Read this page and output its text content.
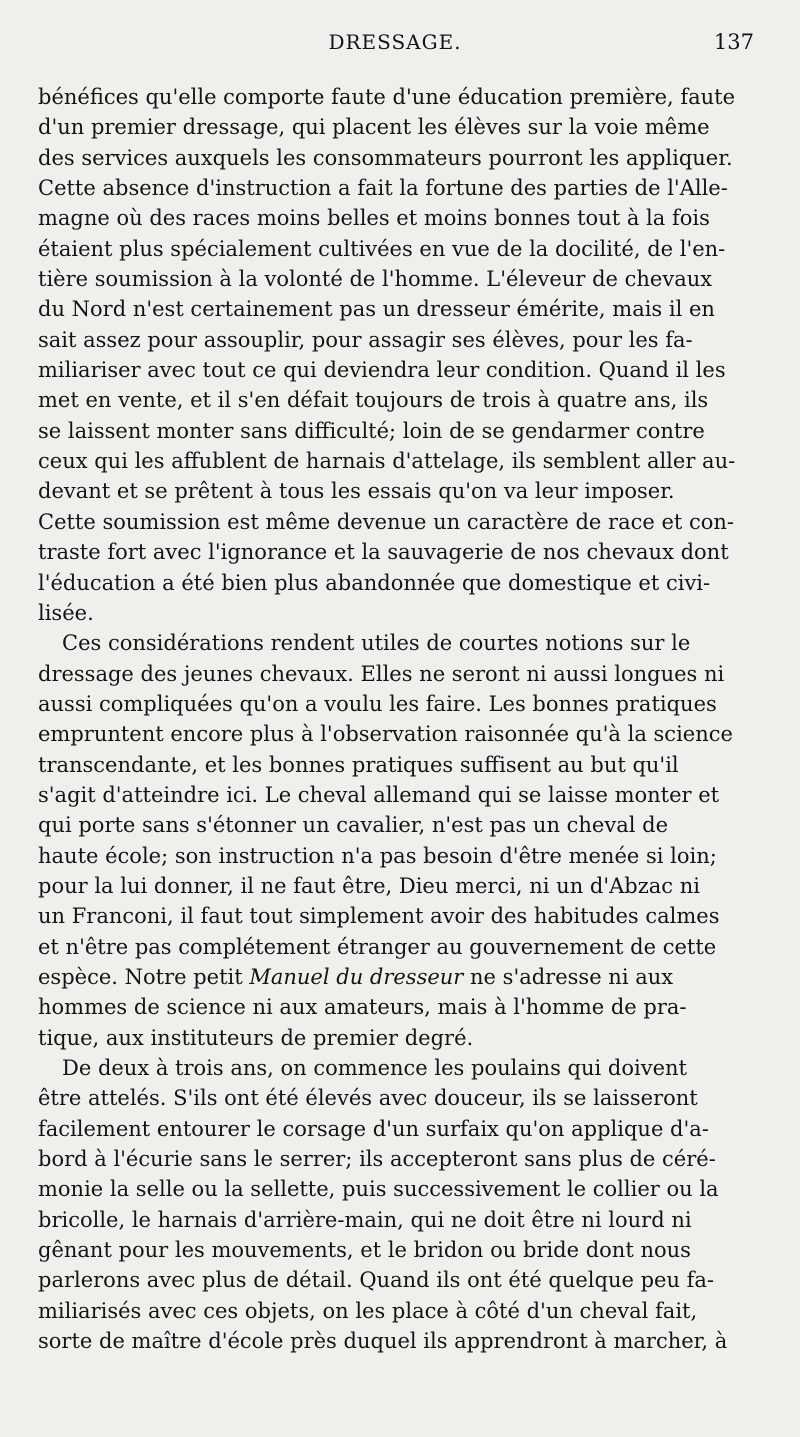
DRESSAGE.	137
bénéfices qu'elle comporte faute d'une éducation première, faute
d'un premier dressage, qui placent les élèves sur la voie même
des services auxquels les consommateurs pourront les appliquer.
Cette absence d'instruction a fait la fortune des parties de l'Alle-
magne où des races moins belles et moins bonnes tout à la fois
étaient plus spécialement cultivées en vue de la docilité, de l'en-
tière soumission à la volonté de l'homme. L'éleveur de chevaux
du Nord n'est certainement pas un dresseur émérite, mais il en
sait assez pour assouplir, pour assagir ses élèves, pour les fa-
miliariser avec tout ce qui deviendra leur condition. Quand il les
met en vente, et il s'en défait toujours de trois à quatre ans, ils
se laissent monter sans difficulté; loin de se gendarmer contre
ceux qui les affublent de harnais d'attelage, ils semblent aller au-
devant et se prêtent à tous les essais qu'on va leur imposer.
Cette soumission est même devenue un caractère de race et con-
traste fort avec l'ignorance et la sauvagerie de nos chevaux dont
l'éducation a été bien plus abandonnée que domestique et civi-
lisée.
Ces considérations rendent utiles de courtes notions sur le
dressage des jeunes chevaux. Elles ne seront ni aussi longues ni
aussi compliquées qu'on a voulu les faire. Les bonnes pratiques
empruntent encore plus à l'observation raisonnée qu'à la science
transcendante, et les bonnes pratiques suffisent au but qu'il
s'agit d'atteindre ici. Le cheval allemand qui se laisse monter et
qui porte sans s'étonner un cavalier, n'est pas un cheval de
haute école; son instruction n'a pas besoin d'être menée si loin;
pour la lui donner, il ne faut être, Dieu merci, ni un d'Abzac ni
un Franconi, il faut tout simplement avoir des habitudes calmes
et n'être pas complétement étranger au gouvernement de cette
espèce. Notre petit Manuel du dresseur ne s'adresse ni aux
hommes de science ni aux amateurs, mais à l'homme de pra-
tique, aux instituteurs de premier degré.
De deux à trois ans, on commence les poulains qui doivent
être attelés. S'ils ont été élevés avec douceur, ils se laisseront
facilement entourer le corsage d'un surfaix qu'on applique d'a-
bord à l'écurie sans le serrer; ils accepteront sans plus de céré-
monie la selle ou la sellette, puis successivement le collier ou la
bricolle, le harnais d'arrière-main, qui ne doit être ni lourd ni
gênant pour les mouvements, et le bridon ou bride dont nous
parlerons avec plus de détail. Quand ils ont été quelque peu fa-
miliarisés avec ces objets, on les place à côté d'un cheval fait,
sorte de maître d'école près duquel ils apprendront à marcher, à
